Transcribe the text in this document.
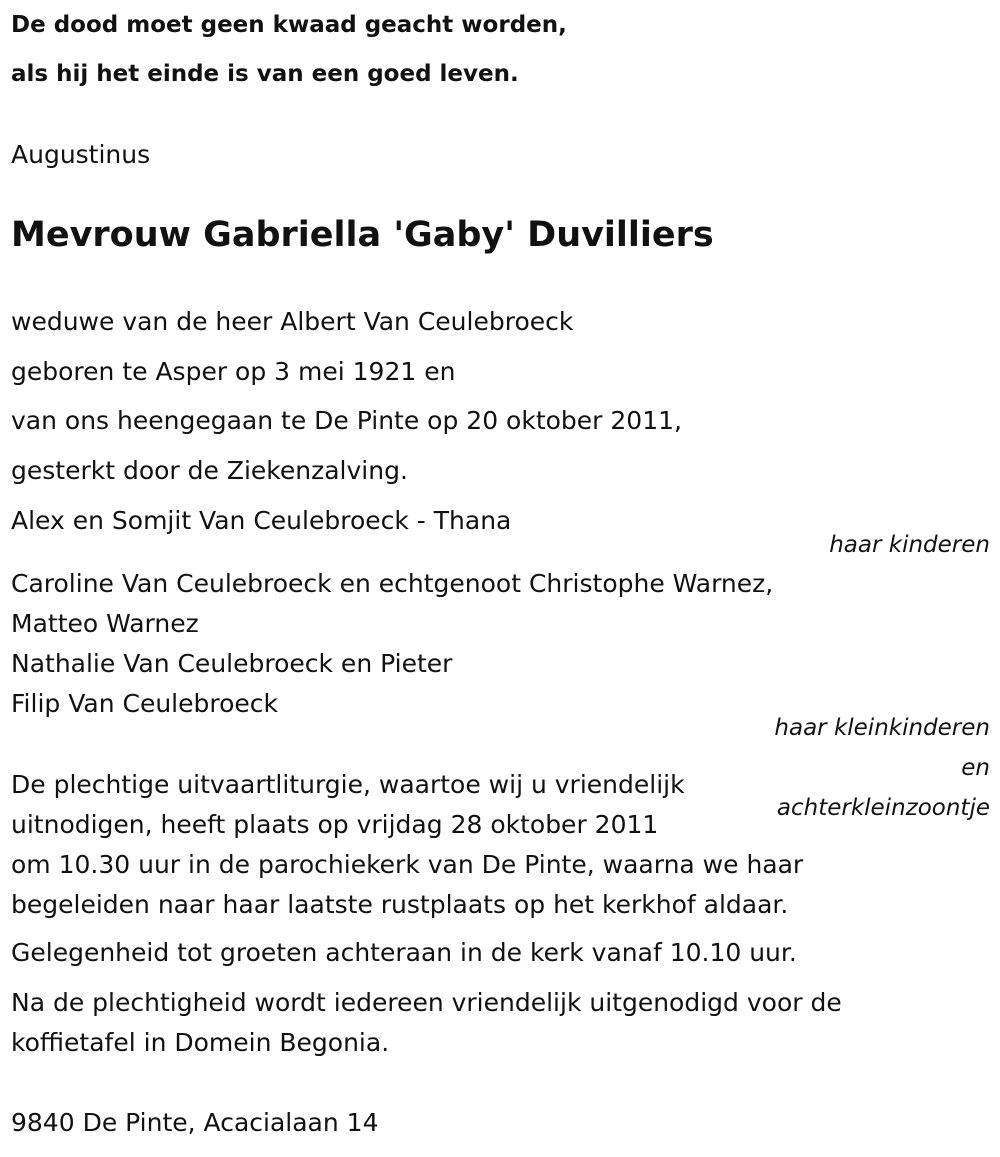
De dood moet geen kwaad geacht worden,
als hij het einde is van een goed leven.
Augustinus
Mevrouw Gabriella 'Gaby' Duvilliers
weduwe van de heer Albert Van Ceulebroeck
geboren te Asper op 3 mei 1921 en
van ons heengegaan te De Pinte op 20 oktober 2011,
gesterkt door de Ziekenzalving.
Alex en Somjit Van Ceulebroeck - Thana
haar kinderen
Caroline Van Ceulebroeck en echtgenoot Christophe Warnez,
Matteo Warnez
Nathalie Van Ceulebroeck en Pieter
Filip Van Ceulebroeck
haar kleinkinderen
en
achterkleinzoontje
De plechtige uitvaartliturgie, waartoe wij u vriendelijk
uitnodigen, heeft plaats op vrijdag 28 oktober 2011
om 10.30 uur in de parochiekerk van De Pinte, waarna we haar
begeleiden naar haar laatste rustplaats op het kerkhof aldaar.
Gelegenheid tot groeten achteraan in de kerk vanaf 10.10 uur.
Na de plechtigheid wordt iedereen vriendelijk uitgenodigd voor de
koffietafel in Domein Begonia.
9840 De Pinte, Acacialaan 14
